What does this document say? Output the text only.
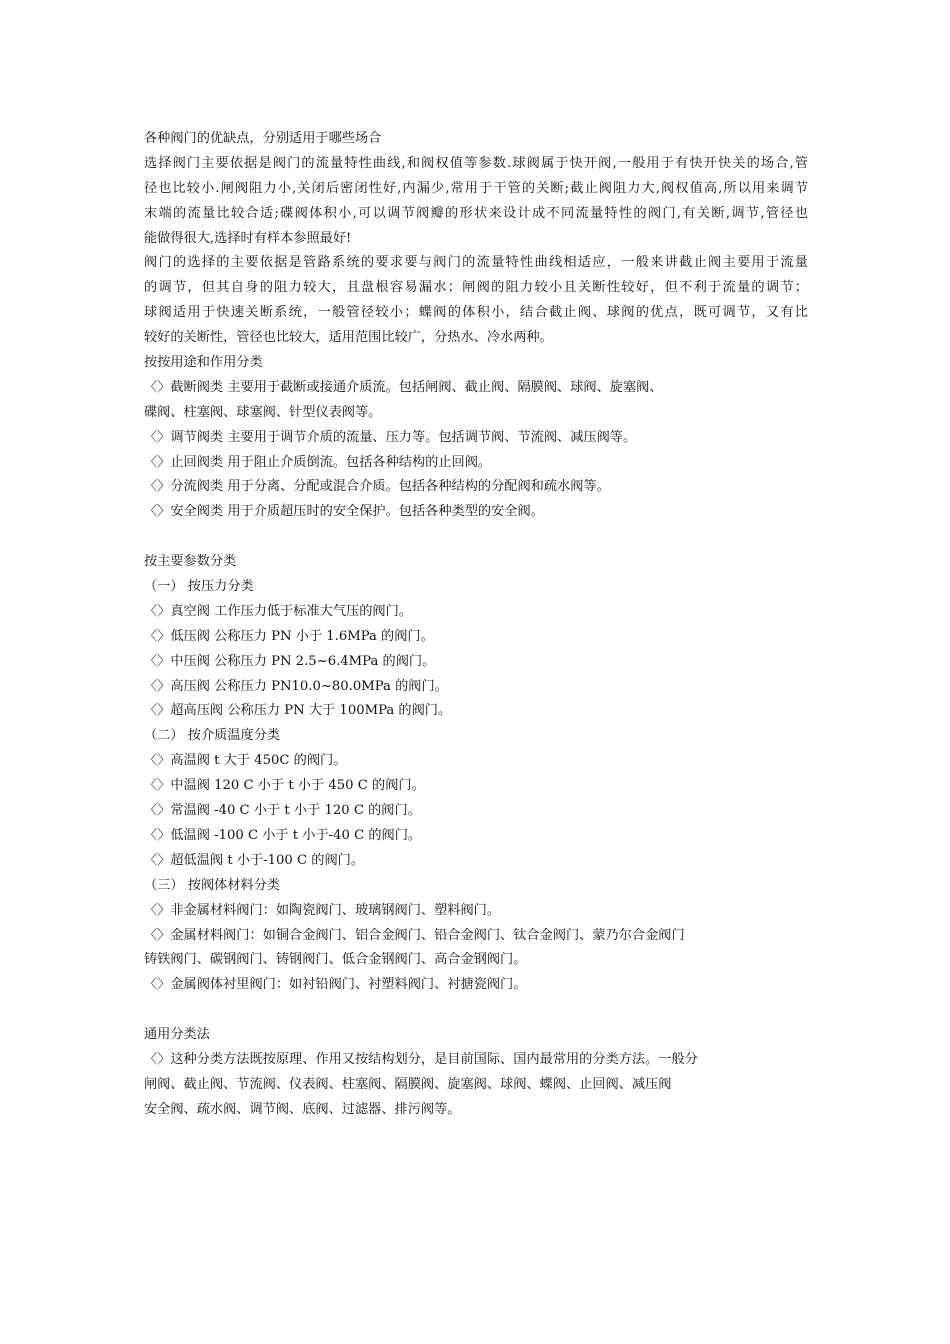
各种阀门的优缺点，分别适用于哪些场合
选择阀门主要依据是阀门的流量特性曲线,和阀权值等参数.球阀属于快开阀,一般用于有快开快关的场合,管
径也比较小.闸阀阻力小,关闭后密闭性好,内漏少,常用于干管的关断;截止阀阻力大,阀权值高,所以用来调节
末端的流量比较合适;碟阀体积小,可以调节阀瓣的形状来设计成不同流量特性的阀门,有关断,调节,管径也
能做得很大,选择时有样本参照最好!
阀门的选择的主要依据是管路系统的要求要与阀门的流量特性曲线相适应，一般来讲截止阀主要用于流量
的调节，但其自身的阻力较大，且盘根容易漏水；闸阀的阻力较小且关断性较好，但不利于流量的调节；
球阀适用于快速关断系统，一般管径较小；蝶阀的体积小，结合截止阀、球阀的优点，既可调节，又有比
较好的关断性，管径也比较大，适用范围比较广，分热水、冷水两种。
按按用途和作用分类
〈〉截断阀类 主要用于截断或接通介质流。包括闸阀、截止阀、隔膜阀、球阀、旋塞阀、
碟阀、柱塞阀、球塞阀、针型仪表阀等。
〈〉调节阀类 主要用于调节介质的流量、压力等。包括调节阀、节流阀、减压阀等。
〈〉止回阀类 用于阻止介质倒流。包括各种结构的止回阀。
〈〉分流阀类 用于分离、分配或混合介质。包括各种结构的分配阀和疏水阀等。
〈〉安全阀类 用于介质超压时的安全保护。包括各种类型的安全阀。
按主要参数分类
（一） 按压力分类
〈〉真空阀 工作压力低于标准大气压的阀门。
〈〉低压阀 公称压力 PN 小于 1.6MPa 的阀门。
〈〉中压阀 公称压力 PN 2.5~6.4MPa 的阀门。
〈〉高压阀 公称压力 PN10.0~80.0MPa 的阀门。
〈〉超高压阀 公称压力 PN 大于 100MPa 的阀门。
（二） 按介质温度分类
〈〉高温阀 t 大于 450C 的阀门。
〈〉中温阀 120 C 小于 t 小于 450 C 的阀门。
〈〉常温阀 -40 C 小于 t 小于 120 C 的阀门。
〈〉低温阀 -100 C 小于 t 小于-40 C 的阀门。
〈〉超低温阀 t 小于-100 C 的阀门。
（三） 按阀体材料分类
〈〉非金属材料阀门：如陶瓷阀门、玻璃钢阀门、塑料阀门。
〈〉金属材料阀门：如铜合金阀门、铝合金阀门、铅合金阀门、钛合金阀门、蒙乃尔合金阀门
铸铁阀门、碳钢阀门、铸钢阀门、低合金钢阀门、高合金钢阀门。
〈〉金属阀体衬里阀门：如衬铅阀门、衬塑料阀门、衬搪瓷阀门。
通用分类法
〈〉这种分类方法既按原理、作用又按结构划分，是目前国际、国内最常用的分类方法。一般分
闸阀、截止阀、节流阀、仪表阀、柱塞阀、隔膜阀、旋塞阀、球阀、蝶阀、止回阀、减压阀
安全阀、疏水阀、调节阀、底阀、过滤器、排污阀等。
